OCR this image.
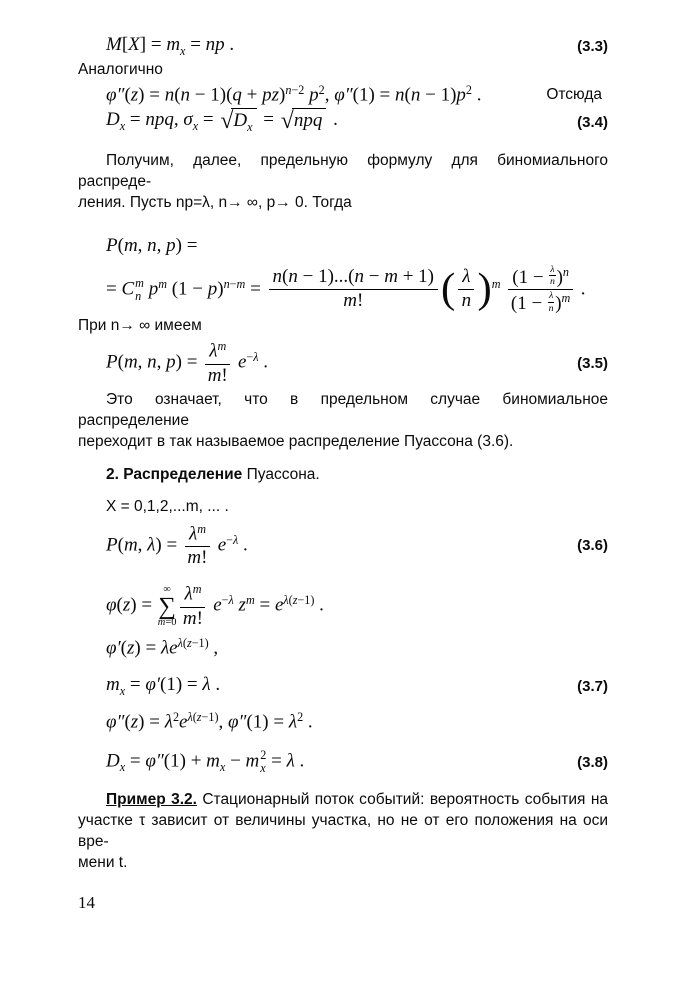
$M[X] = m_x$ = np .	(3.3)
Аналогично
φ″(z) = n(n − 1)(q + pz)$^{n-2}$ $p^2$, $\varphi''(1) = n(n - 1)p^2$ .	Отсюда
$D_x$ = npq, $\sigma_x$ = √ $D_x$ = √ npq .	(3.4)

Получим, далее, предельную формулу для биномиального распреде-
ления. Пусть np=λ, n→ ∞, p→ 0. Тогда

P(m, n, p) =
= C m
n $p^m$ $(1 - p)^{n-m} = \frac{n(n - 1)...(n - m + 1)}{m!}$ ( $\frac{\lambda}{n} )^m \frac{(1 - \frac{\lambda}{n} )^n}{(1 - \frac{\lambda}{n} )^m}$ .
При n→ ∞ имеем
P(m, n, $p) = \frac{\lambda^m}{m!} e^{-\lambda}$ .	(3.5)

Это означает, что в предельном случае биномиальное распределение
переходит в так называемое распределение Пуассона (3.6).

2. Распределение Пуассона.
X = 0,1,2,...m, ... .
P(m, $\lambda) = \frac{\lambda^m}{m!} e^{-\lambda}$ .	(3.6)
φ(z) =
∞
∑
$m=0 \frac{\lambda^m}{m!} e^{-\lambda}$ $z^m = e^{\lambda(z-1)}$ .
$\varphi'(z) = \lambda e^{\lambda(z-1)}$ ,
$m_x = \varphi'(1) = \lambda$ .	(3.7)
$\varphi''(z) = \lambda^2e^{\lambda(z-1)}$, $\varphi''(1) = \lambda^2$ .
$D_x = \varphi''(1) + m_x - m$ 2
x = λ .	(3.8)

Пример 3.2. Стационарный поток событий: вероятность события на
участке τ зависит от величины участка, но не от его положения на оси вре-
мени t.

14
